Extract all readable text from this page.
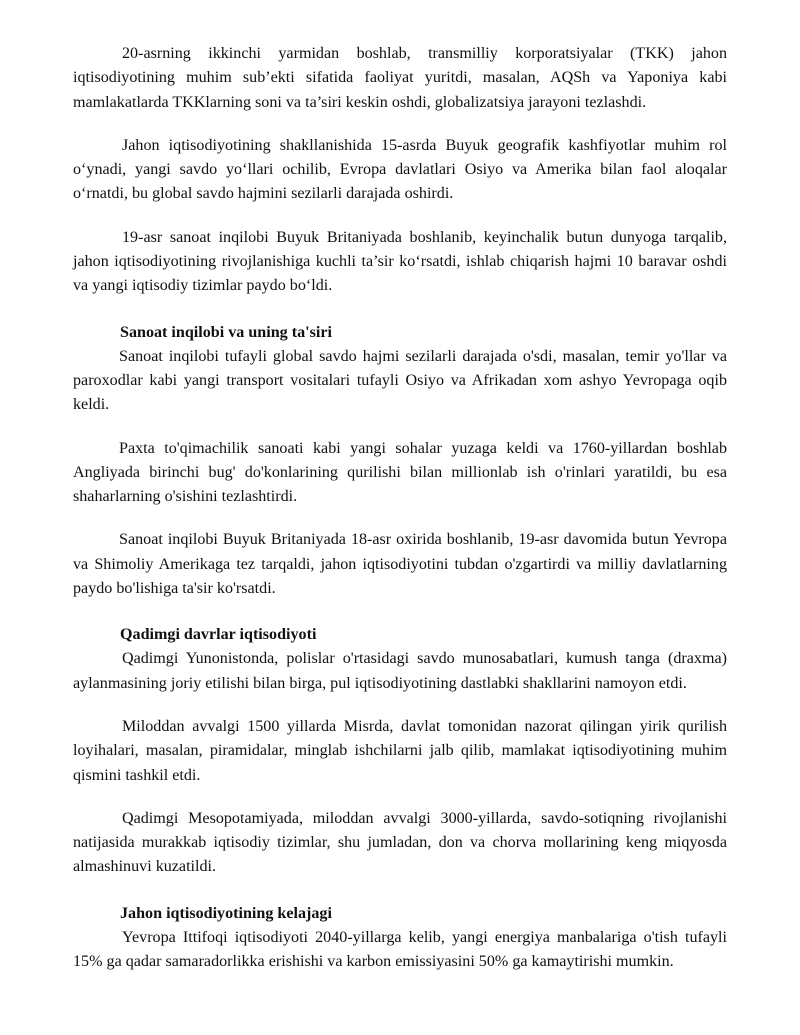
20-asrning ikkinchi yarmidan boshlab, transmilliy korporatsiyalar (TKK) jahon iqtisodiyotining muhim sub’ekti sifatida faoliyat yuritdi, masalan, AQSh va Yaponiya kabi mamlakatlarda TKKlarning soni va ta’siri keskin oshdi, globalizatsiya jarayoni tezlashdi.

Jahon iqtisodiyotining shakllanishida 15-asrda Buyuk geografik kashfiyotlar muhim rol o‘ynadi, yangi savdo yo‘llari ochilib, Evropa davlatlari Osiyo va Amerika bilan faol aloqalar o‘rnatdi, bu global savdo hajmini sezilarli darajada oshirdi.

19-asr sanoat inqilobi Buyuk Britaniyada boshlanib, keyinchalik butun dunyoga tarqalib, jahon iqtisodiyotining rivojlanishiga kuchli ta’sir ko‘rsatdi, ishlab chiqarish hajmi 10 baravar oshdi va yangi iqtisodiy tizimlar paydo bo‘ldi.

Sanoat inqilobi va uning ta'siri

Sanoat inqilobi tufayli global savdo hajmi sezilarli darajada o'sdi, masalan, temir yo'llar va paroxodlar kabi yangi transport vositalari tufayli Osiyo va Afrikadan xom ashyo Yevropaga oqib keldi.

Paxta to'qimachilik sanoati kabi yangi sohalar yuzaga keldi va 1760-yillardan boshlab Angliyada birinchi bug' do'konlarining qurilishi bilan millionlab ish o'rinlari yaratildi, bu esa shaharlarning o'sishini tezlashtirdi.

Sanoat inqilobi Buyuk Britaniyada 18-asr oxirida boshlanib, 19-asr davomida butun Yevropa va Shimoliy Amerikaga tez tarqaldi, jahon iqtisodiyotini tubdan o'zgartirdi va milliy davlatlarning paydo bo'lishiga ta'sir ko'rsatdi.

Qadimgi davrlar iqtisodiyoti

Qadimgi Yunonistonda, polislar o'rtasidagi savdo munosabatlari, kumush tanga (draxma) aylanmasining joriy etilishi bilan birga, pul iqtisodiyotining dastlabki shakllarini namoyon etdi.

Miloddan avvalgi 1500 yillarda Misrda, davlat tomonidan nazorat qilingan yirik qurilish loyihalari, masalan, piramidalar, minglab ishchilarni jalb qilib, mamlakat iqtisodiyotining muhim qismini tashkil etdi.

Qadimgi Mesopotamiyada, miloddan avvalgi 3000-yillarda, savdo-sotiqning rivojlanishi natijasida murakkab iqtisodiy tizimlar, shu jumladan, don va chorva mollarining keng miqyosda almashinuvi kuzatildi.

Jahon iqtisodiyotining kelajagi

Yevropa Ittifoqi iqtisodiyoti 2040-yillarga kelib, yangi energiya manbalariga o'tish tufayli 15% ga qadar samaradorlikka erishishi va karbon emissiyasini 50% ga kamaytirishi mumkin.
